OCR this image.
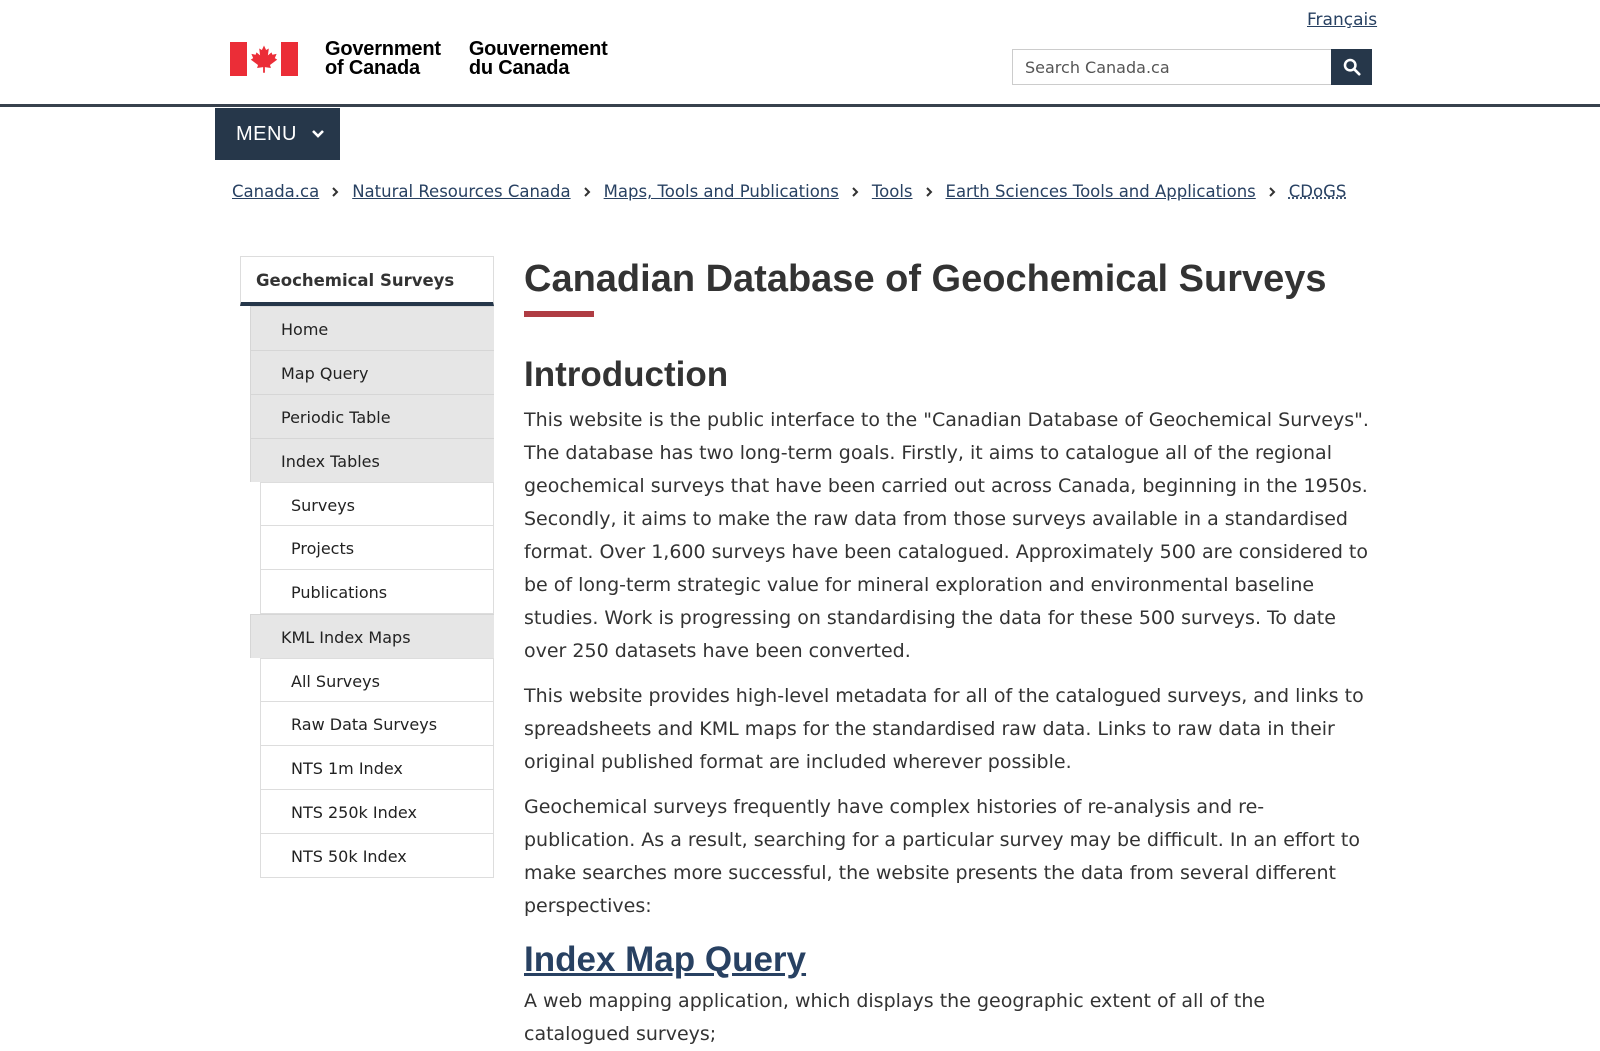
Français
Government
of Canada
Gouvernement
du Canada
Search Canada.ca
MENU
Canada.ca Natural Resources Canada Maps, Tools and Publications Tools Earth Sciences Tools and Applications CDoGS
Geochemical Surveys
Home
Map Query
Periodic Table
Index Tables
Surveys
Projects
Publications
KML Index Maps
All Surveys
Raw Data Surveys
NTS 1m Index
NTS 250k Index
NTS 50k Index
Canadian Database of Geochemical Surveys
Introduction

This website is the public interface to the "Canadian Database of Geochemical Surveys". The database has two long-term goals. Firstly, it aims to catalogue all of the regional geochemical surveys that have been carried out across Canada, beginning in the 1950s. Secondly, it aims to make the raw data from those surveys available in a standardised format. Over 1,600 surveys have been catalogued. Approximately 500 are considered to be of long-term strategic value for mineral exploration and environmental baseline studies. Work is progressing on standardising the data for these 500 surveys. To date over 250 datasets have been converted.

This website provides high-level metadata for all of the catalogued surveys, and links to spreadsheets and KML maps for the standardised raw data. Links to raw data in their original published format are included wherever possible.

Geochemical surveys frequently have complex histories of re-analysis and re-publication. As a result, searching for a particular survey may be difficult. In an effort to make searches more successful, the website presents the data from several different perspectives:

Index Map Query

A web mapping application, which displays the geographic extent of all of the catalogued surveys;
